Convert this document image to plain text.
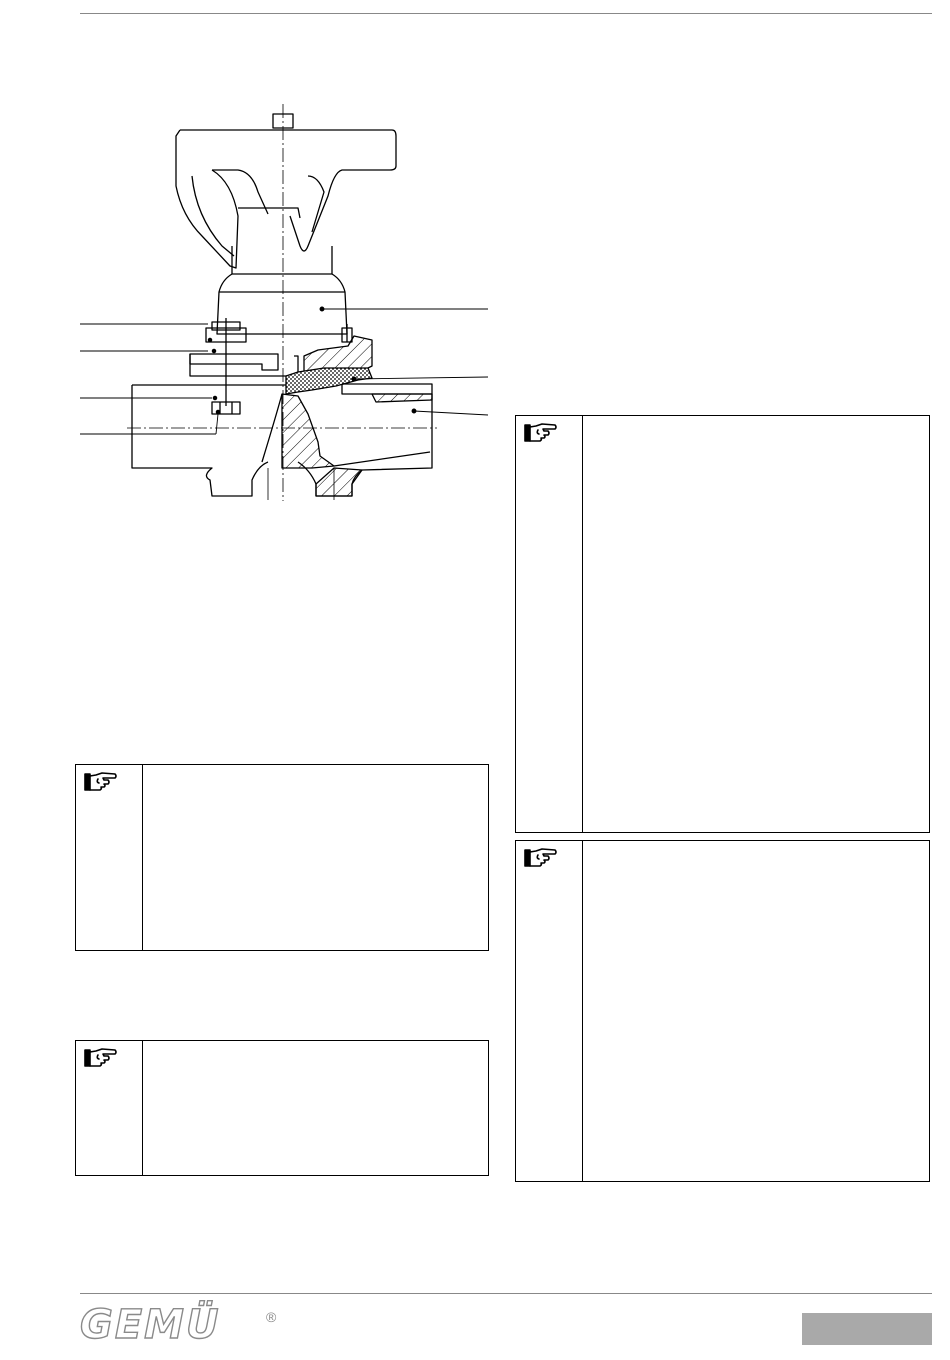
GEMÜ	®
